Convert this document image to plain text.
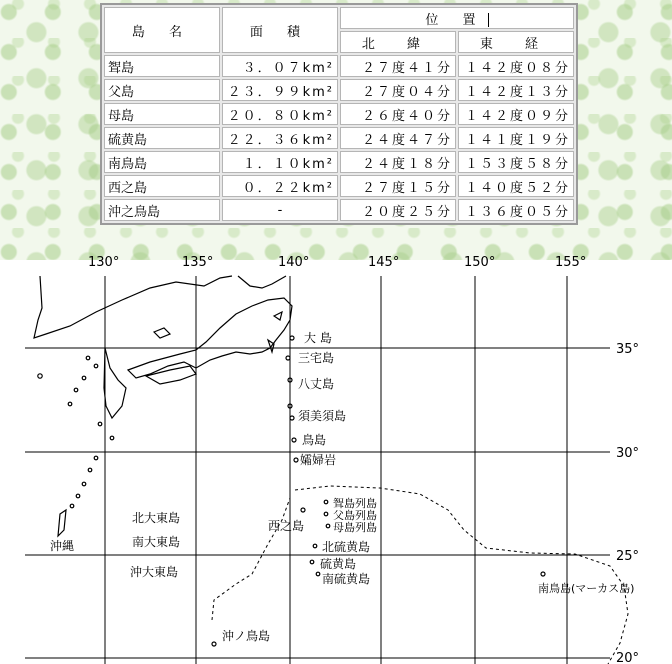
島 名	面 積	位 置	
		北 緯	東 経
聟島	３．０７km²	２７度４１分	１４２度０８分
父島	２３．９９km²	２７度０４分	１４２度１３分
母島	２０．８０km²	２６度４０分	１４２度０９分
硫黄島	２２．３６km²	２４度４７分	１４１度１９分
南鳥島	１．１０km²	２４度１８分	１５３度５８分
西之島	０．２２km²	２７度１５分	１４０度５２分
沖之鳥島	-	２０度２５分	１３６度０５分
130°	135°	140°	145°	150°	155°
35°
30°
25°
20°
大 島
三宅島
八丈島
須美須島
鳥島
孀婦岩
聟島列島
父島列島
母島列島
西之島
北硫黄島
硫黄島
南硫黄島
南鳥島(マーカス島)
沖ノ鳥島
北大東島
南大東島
沖大東島
沖縄
